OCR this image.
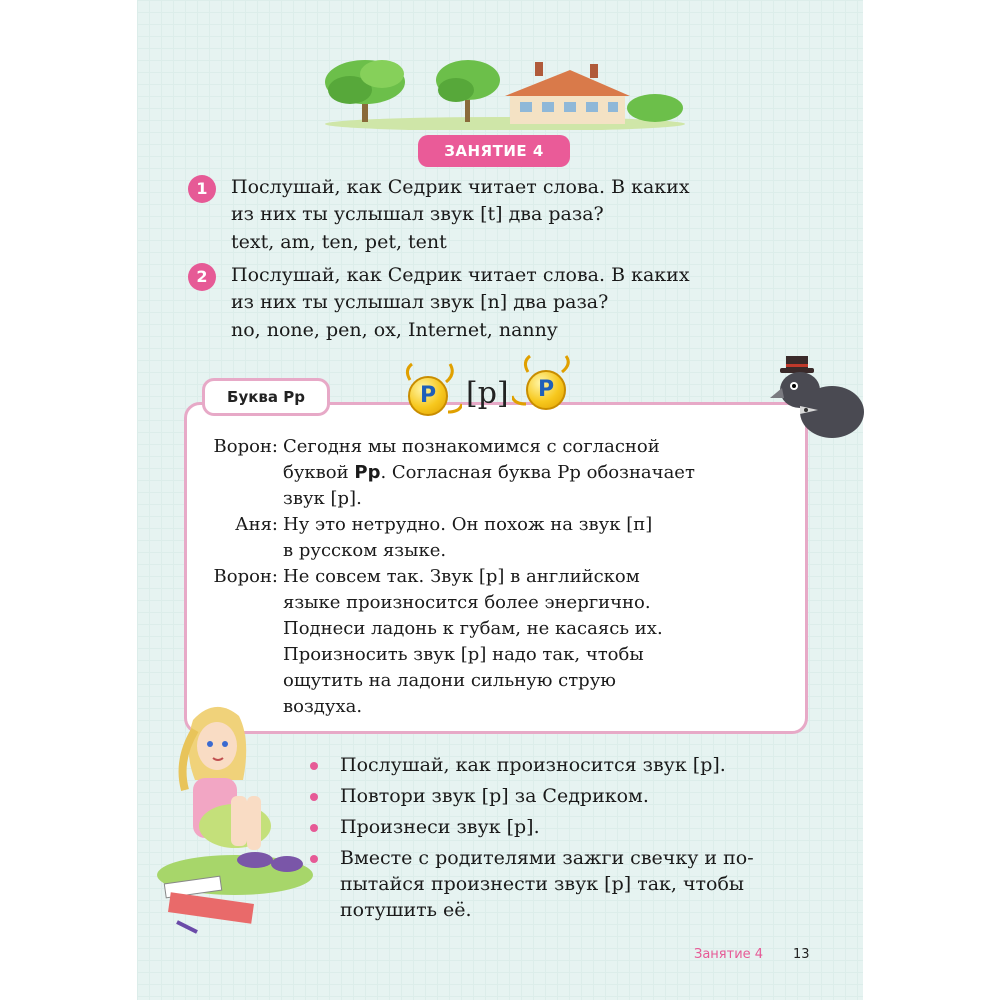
ЗАНЯТИЕ 4
1	Послушай, как Седрик читает слова. В каких
из них ты услышал звук [t] два раза?
text, am, ten, pet, tent
2	Послушай, как Седрик читает слова. В каких
из них ты услышал звук [n] два раза?
no, none, pen, ox, Internet, nanny
Буква Рр	P [p]	P
Ворон: Сегодня мы познакомимся с согласной
буквой Рр. Согласная буква Рр обозначает
звук [p].
Аня: Ну это нетрудно. Он похож на звук [п]
в русском языке.
Ворон: Не совсем так. Звук [p] в английском
языке произносится более энергично.
Поднеси ладонь к губам, не касаясь их.
Произносить звук [p] надо так, чтобы
ощутить на ладони сильную струю
воздуха.
Послушай, как произносится звук [p].
Повтори звук [p] за Седриком.
Произнеси звук [p].
Вместе с родителями зажги свечку и по-
пытайся произнести звук [p] так, чтобы
потушить её.
Занятие 4 13
